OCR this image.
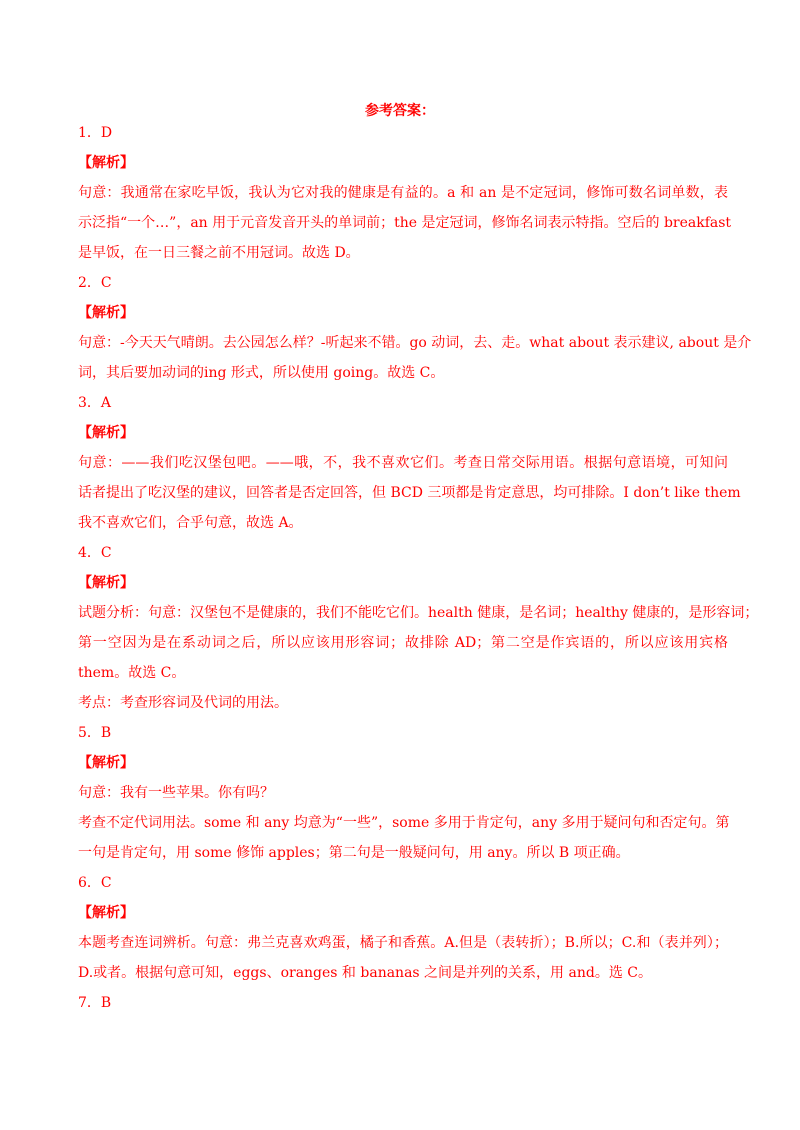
参考答案：
1．D
【解析】
句意：我通常在家吃早饭，我认为它对我的健康是有益的。a 和 an 是不定冠词，修饰可数名词单数，表
示泛指“一个…”，an 用于元音发音开头的单词前；the 是定冠词，修饰名词表示特指。空后的 breakfast
是早饭，在一日三餐之前不用冠词。故选 D。
2．C
【解析】
句意：-今天天气晴朗。去公园怎么样？-听起来不错。go 动词，去、走。what about 表示建议, about 是介
词，其后要加动词的ing 形式，所以使用 going。故选 C。
3．A
【解析】
句意：——我们吃汉堡包吧。——哦，不，我不喜欢它们。考查日常交际用语。根据句意语境，可知问
话者提出了吃汉堡的建议，回答者是否定回答，但 BCD 三项都是肯定意思，均可排除。I don’t like them
我不喜欢它们，合乎句意，故选 A。
4．C
【解析】
试题分析：句意：汉堡包不是健康的，我们不能吃它们。health 健康，是名词；healthy 健康的，是形容词；
第一空因为是在系动词之后，所以应该用形容词；故排除 AD；第二空是作宾语的，所以应该用宾格
them。故选 C。
考点：考查形容词及代词的用法。
5．B
【解析】
句意：我有一些苹果。你有吗？
考查不定代词用法。some 和 any 均意为“一些”，some 多用于肯定句，any 多用于疑问句和否定句。第
一句是肯定句，用 some 修饰 apples；第二句是一般疑问句，用 any。所以 B 项正确。
6．C
【解析】
本题考查连词辨析。句意：弗兰克喜欢鸡蛋，橘子和香蕉。A.但是（表转折）；B.所以；C.和（表并列）；
D.或者。根据句意可知，eggs、oranges 和 bananas 之间是并列的关系，用 and。选 C。
7．B
